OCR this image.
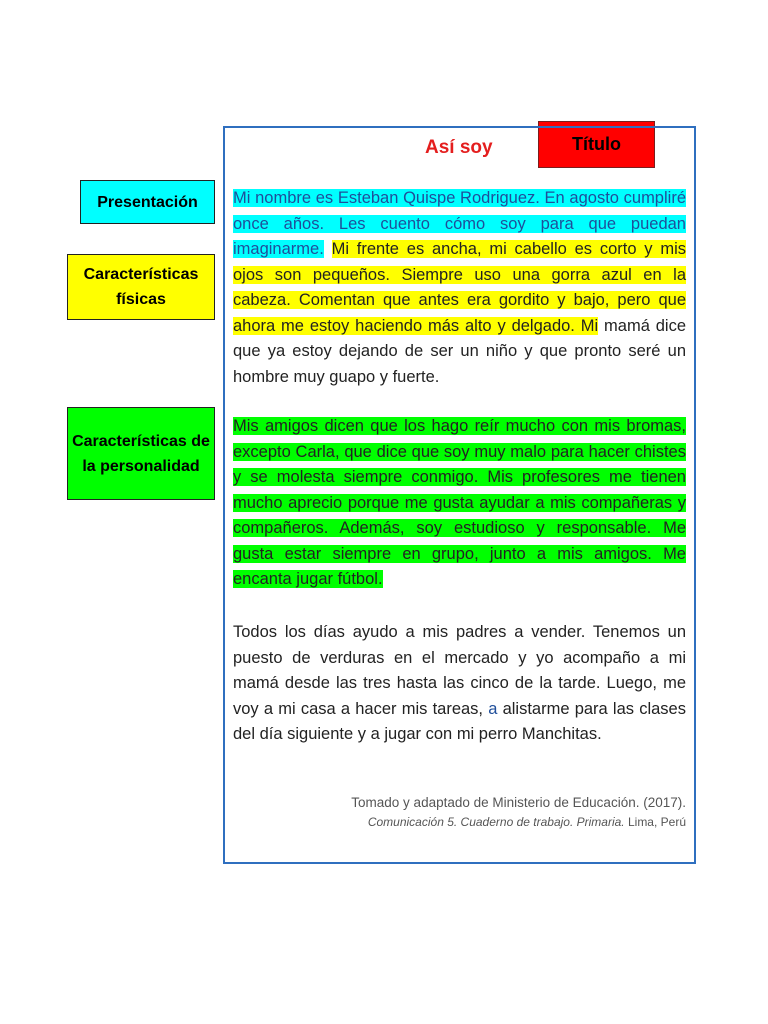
Presentación
Características físicas
Características de la personalidad
Título
Así soy

Mi nombre es Esteban Quispe Rodriguez. En agosto cumpliré once años. Les cuento cómo soy para que puedan imaginarme. Mi frente es ancha, mi cabello es corto y mis ojos son pequeños. Siempre uso una gorra azul en la cabeza. Comentan que antes era gordito y bajo, pero que ahora me estoy haciendo más alto y delgado. Mi mamá dice que ya estoy dejando de ser un niño y que pronto seré un hombre muy guapo y fuerte.

Mis amigos dicen que los hago reír mucho con mis bromas, excepto Carla, que dice que soy muy malo para hacer chistes y se molesta siempre conmigo. Mis profesores me tienen mucho aprecio porque me gusta ayudar a mis compañeras y compañeros. Además, soy estudioso y responsable. Me gusta estar siempre en grupo, junto a mis amigos. Me encanta jugar fútbol.

Todos los días ayudo a mis padres a vender. Tenemos un puesto de verduras en el mercado y yo acompaño a mi mamá desde las tres hasta las cinco de la tarde. Luego, me voy a mi casa a hacer mis tareas, a alistarme para las clases del día siguiente y a jugar con mi perro Manchitas.

Tomado y adaptado de Ministerio de Educación. (2017).

Comunicación 5. Cuaderno de trabajo. Primaria. Lima, Perú
